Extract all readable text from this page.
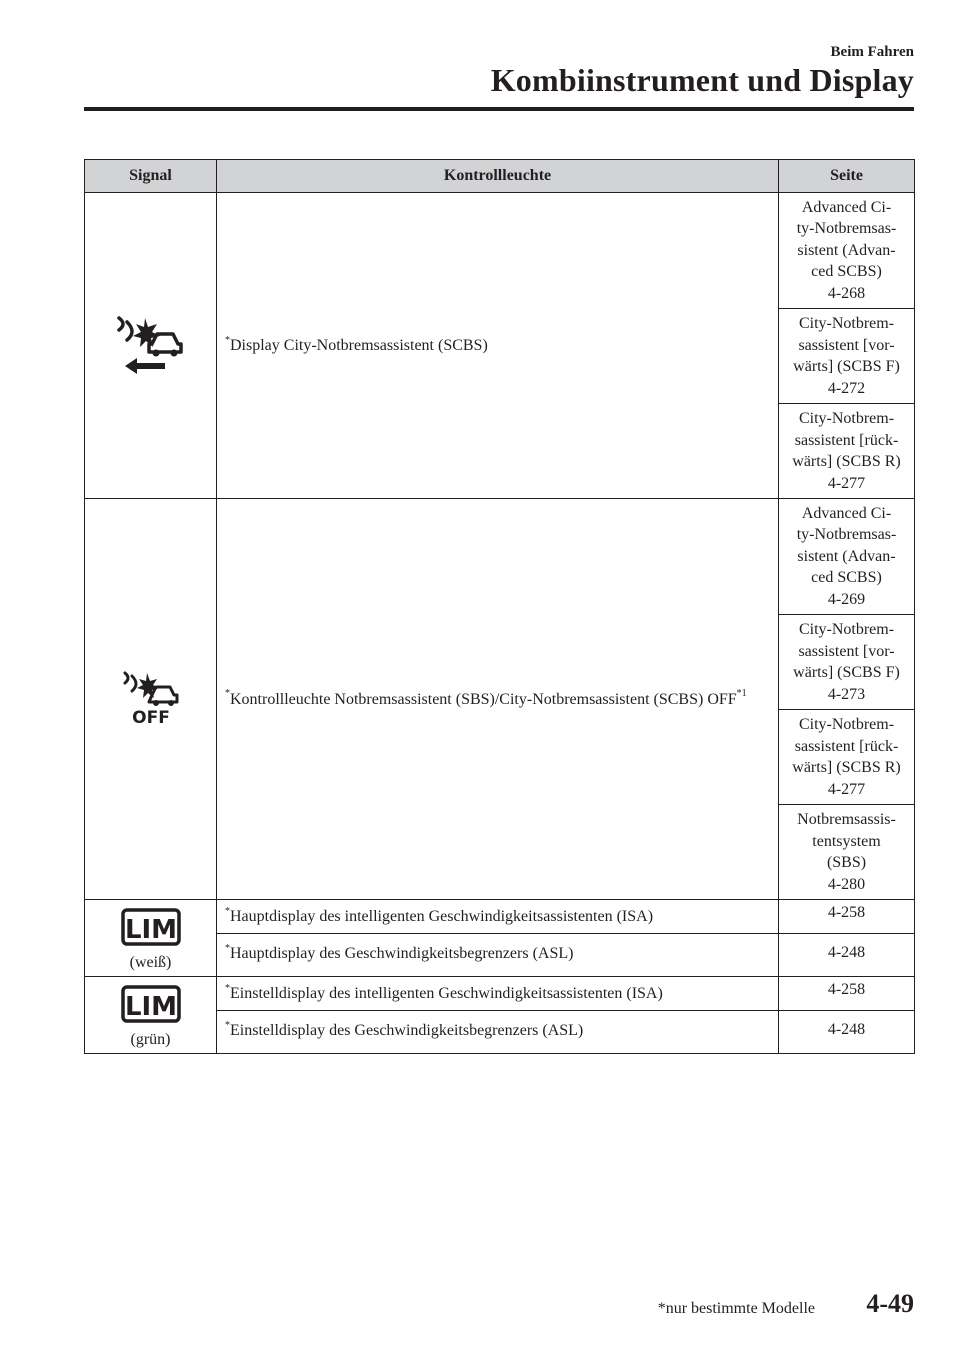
Beim Fahren
Kombiinstrument und Display
Signal	Kontrollleuchte	Seite
	*Display City-Notbremsassistent (SCBS)	Advanced Ci-
ty-Notbremsas-
sistent (Advan-
ced SCBS)
4-268
		City-Notbrem-
sassistent [vor-
wärts] (SCBS F)
4-272
		City-Notbrem-
sassistent [rück-
wärts] (SCBS R)
4-277

OFF	*Kontrollleuchte Notbremsassistent (SBS)/City-Notbremsassistent (SCBS) OFF$^{*1}$	Advanced Ci-
ty-Notbremsas-
sistent (Advan-
ced SCBS)
4-269
		City-Notbrem-
sassistent [vor-
wärts] (SCBS F)
4-273
		City-Notbrem-
sassistent [rück-
wärts] (SCBS R)
4-277
		Notbremsassis-
tentsystem
(SBS)
4-280

LIM
(weiß)	*Hauptdisplay des intelligenten Geschwindigkeitsassistenten (ISA)	4-258
	*Hauptdisplay des Geschwindigkeitsbegrenzers (ASL)	4-248

LIM
(grün)	*Einstelldisplay des intelligenten Geschwindigkeitsassistenten (ISA)	4-258
	*Einstelldisplay des Geschwindigkeitsbegrenzers (ASL)	4-248
*nur bestimmte Modelle 4-49
